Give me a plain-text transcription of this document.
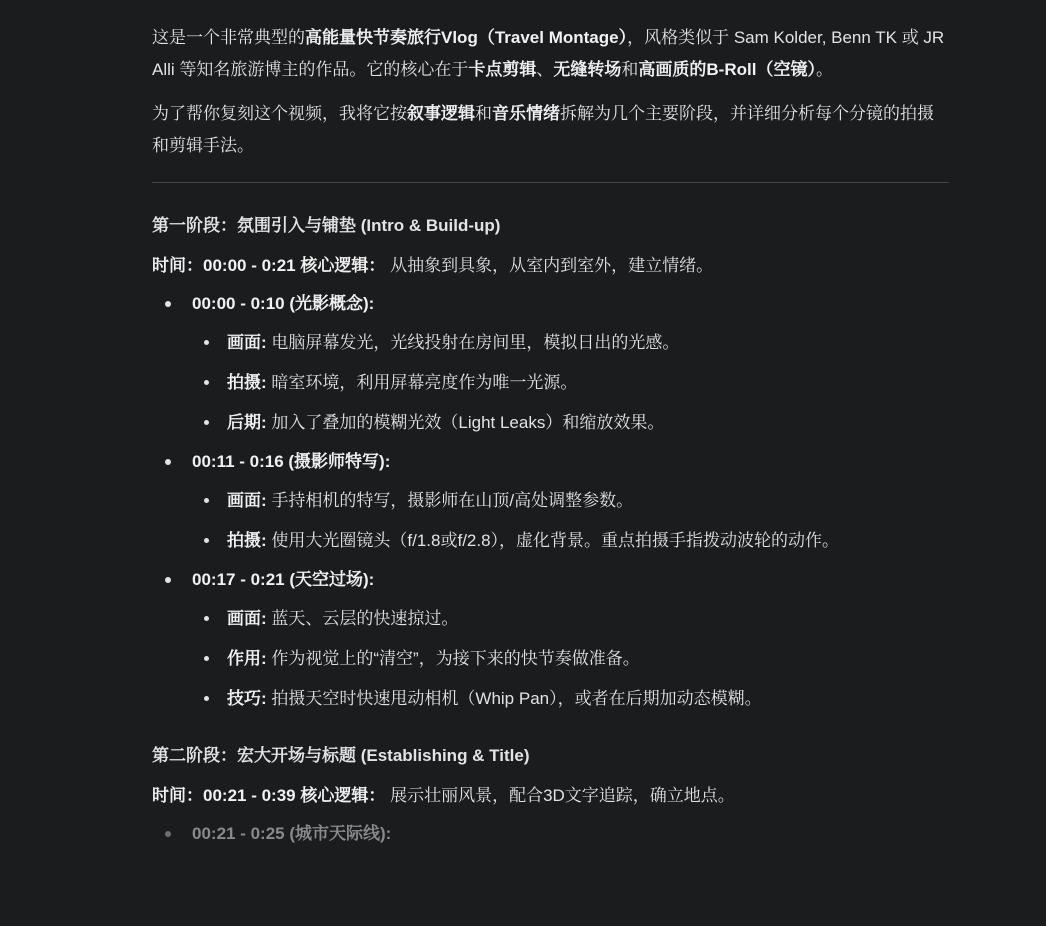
这是一个非常典型的高能量快节奏旅行Vlog（Travel Montage），风格类似于 Sam Kolder, Benn TK 或 JR Alli 等知名旅游博主的作品。它的核心在于卡点剪辑、无缝转场和高画质的B-Roll（空镜）。

为了帮你复刻这个视频，我将它按叙事逻辑和音乐情绪拆解为几个主要阶段，并详细分析每个分镜的拍摄和剪辑手法。

第一阶段：氛围引入与铺垫 (Intro & Build-up)

时间：00:00 - 0:21 核心逻辑： 从抽象到具象，从室内到室外，建立情绪。

00:00 - 0:10 (光影概念):
画面: 电脑屏幕发光，光线投射在房间里，模拟日出的光感。
拍摄: 暗室环境，利用屏幕亮度作为唯一光源。
后期: 加入了叠加的模糊光效（Light Leaks）和缩放效果。
00:11 - 0:16 (摄影师特写):
画面: 手持相机的特写，摄影师在山顶/高处调整参数。
拍摄: 使用大光圈镜头（f/1.8或f/2.8），虚化背景。重点拍摄手指拨动波轮的动作。
00:17 - 0:21 (天空过场):
画面: 蓝天、云层的快速掠过。
作用: 作为视觉上的“清空”，为接下来的快节奏做准备。
技巧: 拍摄天空时快速甩动相机（Whip Pan），或者在后期加动态模糊。

第二阶段：宏大开场与标题 (Establishing & Title)

时间：00:21 - 0:39 核心逻辑： 展示壮丽风景，配合3D文字追踪，确立地点。

00:21 - 0:25 (城市天际线):
